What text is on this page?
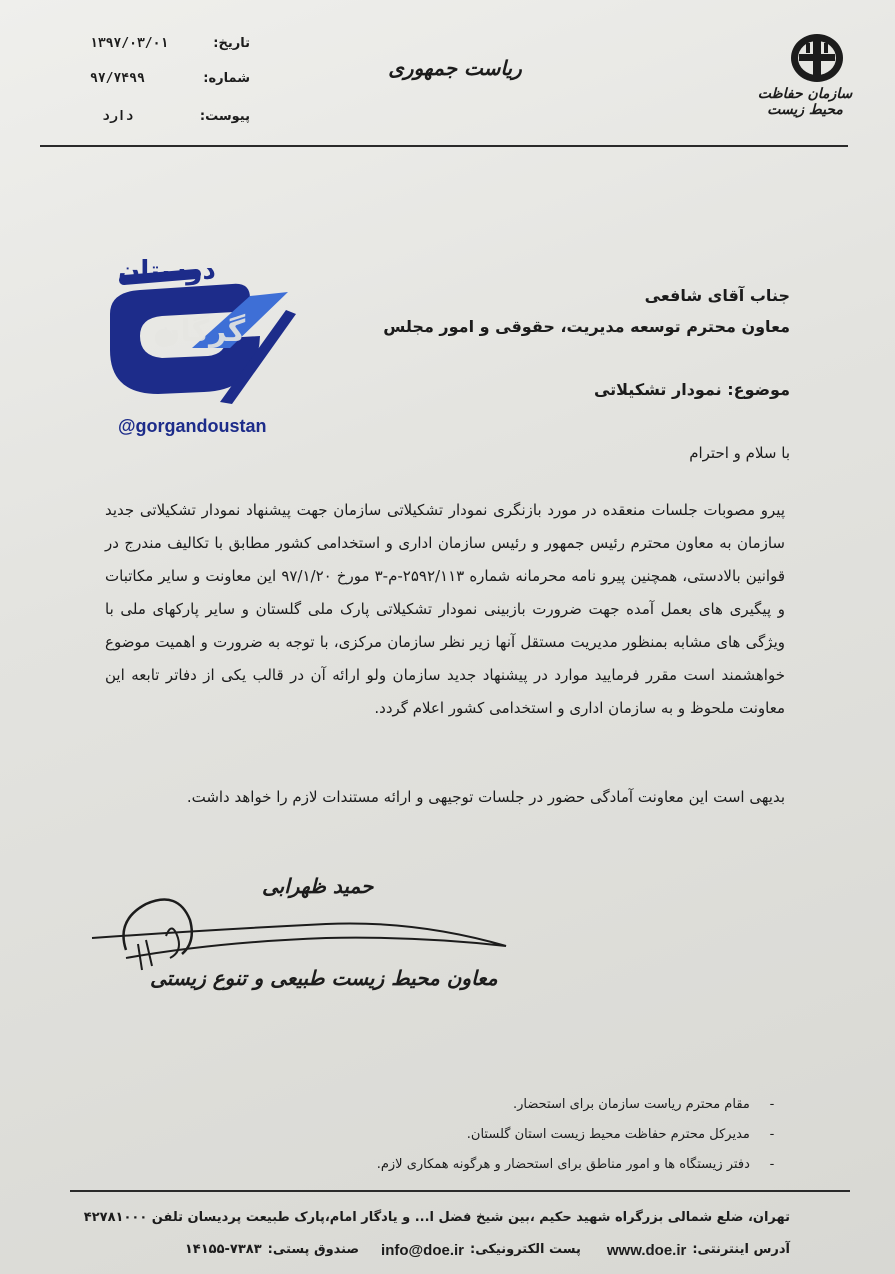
تاریخ:
۱۳۹۷/۰۳/۰۱
شماره:
۹۷/۷۴۹۹
پیوست:
دارد
ریاست جمهوری
سازمان حفاظت محیط زیست
دوستان
گرگان
@gorgandoustan
جناب آقای شافعی
معاون محترم توسعه مدیریت، حقوقی و امور مجلس
موضوع: نمودار تشکیلاتی
با سلام و احترام
پیرو مصوبات جلسات منعقده در مورد بازنگری نمودار تشکیلاتی سازمان جهت پیشنهاد نمودار تشکیلاتی جدید سازمان به معاون محترم رئیس جمهور و رئیس سازمان اداری و استخدامی کشور مطابق با تکالیف مندرج در قوانین بالادستی، همچنین پیرو نامه محرمانه شماره ۲۵۹۲/۱۱۳-م-۳ مورخ ۹۷/۱/۲۰ این معاونت و سایر مکاتبات و پیگیری های بعمل آمده جهت ضرورت بازبینی نمودار تشکیلاتی پارک ملی گلستان و سایر پارکهای ملی با ویژگی های مشابه بمنظور مدیریت مستقل آنها زیر نظر سازمان مرکزی، با توجه به ضرورت و اهمیت موضوع خواهشمند است مقرر فرمایید موارد در پیشنهاد جدید سازمان ولو ارائه آن در قالب یکی از دفاتر تابعه این معاونت ملحوظ و به سازمان اداری و استخدامی کشور اعلام گردد.
بدیهی است این معاونت آمادگی حضور در جلسات توجیهی و ارائه مستندات لازم را خواهد داشت.
حمید ظهرابی
معاون محیط زیست طبیعی و تنوع زیستی
- مقام محترم ریاست سازمان برای استحضار.
- مدیرکل محترم حفاظت محیط زیست استان گلستان.
- دفتر زیستگاه ها و امور مناطق برای استحضار و هرگونه همکاری لازم.
تهران، ضلع شمالی بزرگراه شهید حکیم ،بین شیخ فضل ا... و یادگار امام،پارک طبیعت پردیسان تلفن ۴۲۷۸۱۰۰۰
آدرس اینترنتی:
www.doe.ir
پست الکترونیکی:
info@doe.ir
صندوق پستی:
۱۴۱۵۵-۷۳۸۳
